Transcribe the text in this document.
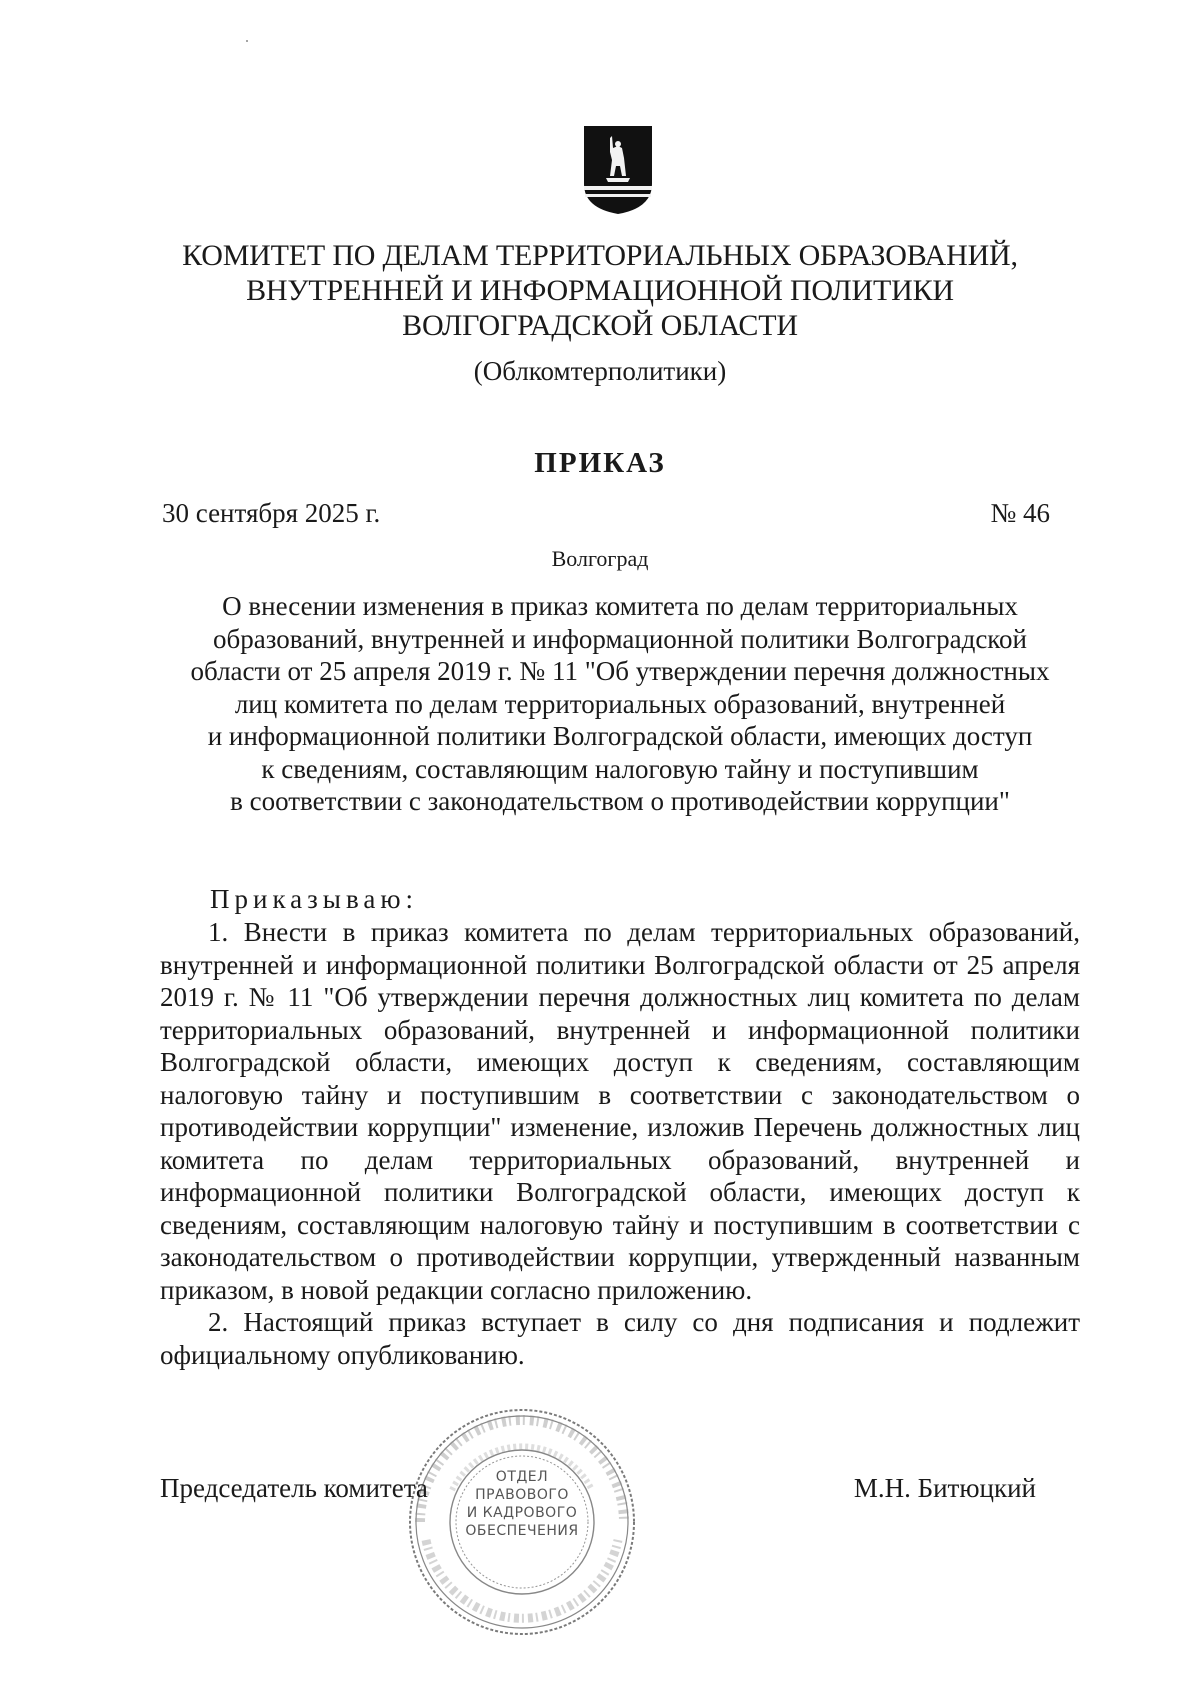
КОМИТЕТ ПО ДЕЛАМ ТЕРРИТОРИАЛЬНЫХ ОБРАЗОВАНИЙ,
ВНУТРЕННЕЙ И ИНФОРМАЦИОННОЙ ПОЛИТИКИ
ВОЛГОГРАДСКОЙ ОБЛАСТИ
(Облкомтерполитики)
ПРИКАЗ
30 сентября 2025 г.	№ 46
Волгоград
О внесении изменения в приказ комитета по делам территориальных
образований, внутренней и информационной политики Волгоградской
области от 25 апреля 2019 г. № 11 "Об утверждении перечня должностных
лиц комитета по делам территориальных образований, внутренней
и информационной политики Волгоградской области, имеющих доступ
к сведениям, составляющим налоговую тайну и поступившим
в соответствии с законодательством о противодействии коррупции"
Приказываю:

1. Внести в приказ комитета по делам территориальных образований, внутренней и информационной политики Волгоградской области от 25 апреля 2019 г. № 11 "Об утверждении перечня должностных лиц комитета по делам территориальных образований, внутренней и информационной политики Волгоградской области, имеющих доступ к сведениям, составляющим налоговую тайну и поступившим в соответствии с законодательством о противодействии коррупции" изменение, изложив Перечень должностных лиц комитета по делам территориальных образований, внутренней и информационной политики Волгоградской области, имеющих доступ к сведениям, составляющим налоговую тайну и поступившим в соответствии с законодательством о противодействии коррупции, утвержденный названным приказом, в новой редакции согласно приложению.

2. Настоящий приказ вступает в силу со дня подписания и подлежит официальному опубликованию.

ОТДЕЛ
ПРАВОВОГО
И КАДРОВОГО
ОБЕСПЕЧЕНИЯ
Председатель комитета	М.Н. Битюцкий
